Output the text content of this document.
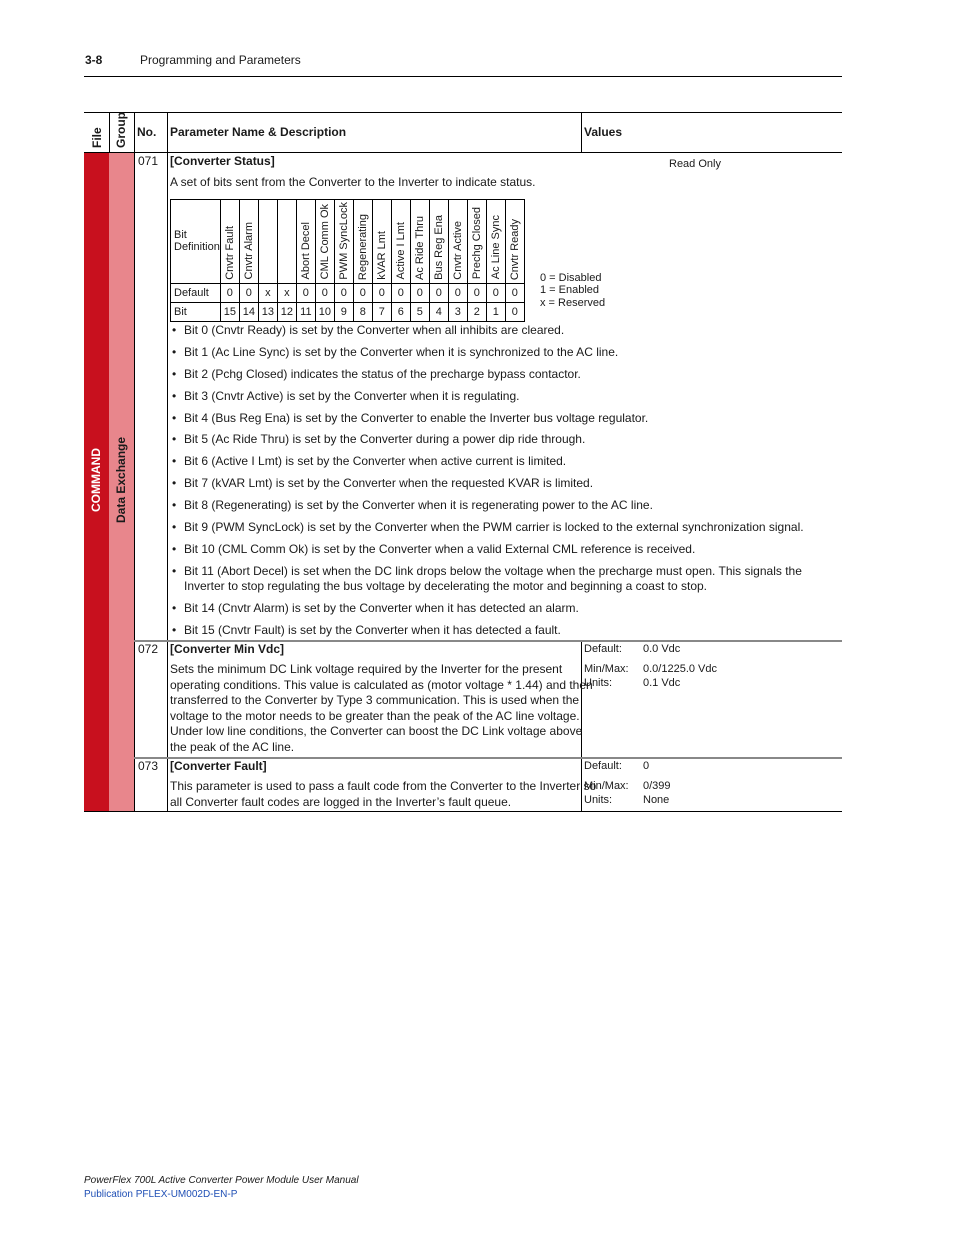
3-8	Programming and Parameters
File Group No. Parameter Name & Description	Values
COMMAND Data Exchange
071 [Converter Status]	Read Only
A set of bits sent from the Converter to the Inverter to indicate status.
Bit Definition	Cnvtr Fault	Cnvtr Alarm			Abort Decel	CML Comm Ok	PWM SyncLock	Regenerating	kVAR Lmt	Active I Lmt	Ac Ride Thru	Bus Reg Ena	Cnvtr Active	Prechg Closed	Ac Line Sync	Cnvtr Ready
Default	0	0	x	x	0	0	0	0	0	0	0	0	0	0	0	0
Bit	15	14	13	12	11	10	9	8	7	6	5	4	3	2	1	0
0 = Disabled
1 = Enabled
x = Reserved
• Bit 0 (Cnvtr Ready) is set by the Converter when all inhibits are cleared.
• Bit 1 (Ac Line Sync) is set by the Converter when it is synchronized to the AC line.
• Bit 2 (Pchg Closed) indicates the status of the precharge bypass contactor.
• Bit 3 (Cnvtr Active) is set by the Converter when it is regulating.
• Bit 4 (Bus Reg Ena) is set by the Converter to enable the Inverter bus voltage regulator.
• Bit 5 (Ac Ride Thru) is set by the Converter during a power dip ride through.
• Bit 6 (Active I Lmt) is set by the Converter when active current is limited.
• Bit 7 (kVAR Lmt) is set by the Converter when the requested KVAR is limited.
• Bit 8 (Regenerating) is set by the Converter when it is regenerating power to the AC line.
• Bit 9 (PWM SyncLock) is set by the Converter when the PWM carrier is locked to the external synchronization signal.
• Bit 10 (CML Comm Ok) is set by the Converter when a valid External CML reference is received.
• Bit 11 (Abort Decel) is set when the DC link drops below the voltage when the precharge must open. This signals the Inverter to stop regulating the bus voltage by decelerating the motor and beginning a coast to stop.
• Bit 14 (Cnvtr Alarm) is set by the Converter when it has detected an alarm.
• Bit 15 (Cnvtr Fault) is set by the Converter when it has detected a fault.
072 [Converter Min Vdc]
Sets the minimum DC Link voltage required by the Inverter for the present
operating conditions. This value is calculated as (motor voltage * 1.44) and then
transferred to the Converter by Type 3 communication. This is used when the
voltage to the motor needs to be greater than the peak of the AC line voltage.
Under low line conditions, the Converter can boost the DC Link voltage above
the peak of the AC line.
Default: 0.0 Vdc
Min/Max: 0.0/1225.0 Vdc
Units:	0.1 Vdc
073 [Converter Fault]
This parameter is used to pass a fault code from the Converter to the Inverter so
all Converter fault codes are logged in the Inverter’s fault queue.
Default: 0
Min/Max: 0/399
Units:	None
PowerFlex 700L Active Converter Power Module User Manual
Publication PFLEX-UM002D-EN-P
